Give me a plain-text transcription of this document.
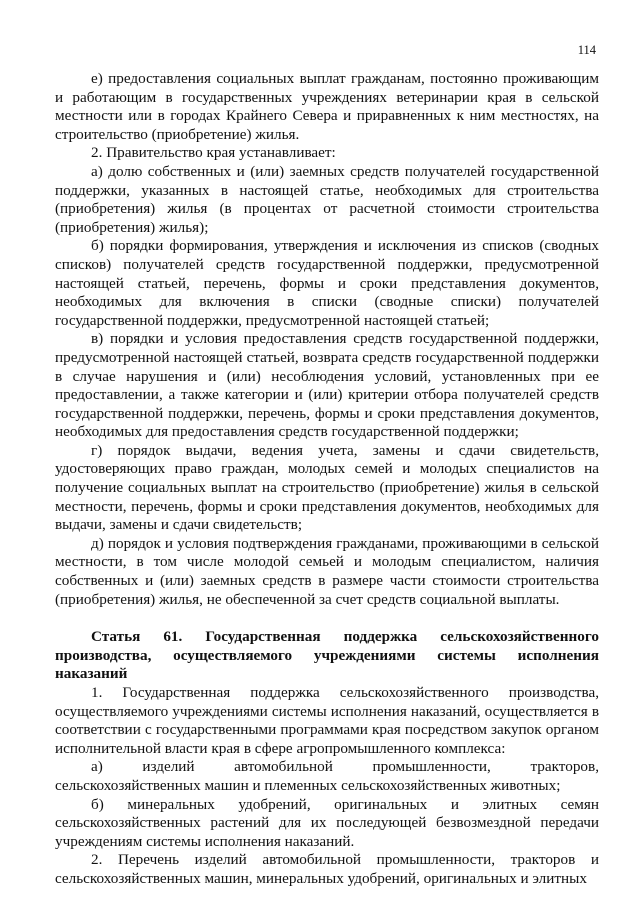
114

е) предоставления социальных выплат гражданам, постоянно проживающим и работающим в государственных учреждениях ветеринарии края в сельской местности или в городах Крайнего Севера и приравненных к ним местностях, на строительство (приобретение) жилья.

2. Правительство края устанавливает:

а) долю собственных и (или) заемных средств получателей государственной поддержки, указанных в настоящей статье, необходимых для строительства (приобретения) жилья (в процентах от расчетной стоимости строительства (приобретения) жилья);

б) порядки формирования, утверждения и исключения из списков (сводных списков) получателей средств государственной поддержки, предусмотренной настоящей статьей, перечень, формы и сроки представления документов, необходимых для включения в списки (сводные списки) получателей государственной поддержки, предусмотренной настоящей статьей;

в) порядки и условия предоставления средств государственной поддержки, предусмотренной настоящей статьей, возврата средств государственной поддержки в случае нарушения и (или) несоблюдения условий, установленных при ее предоставлении, а также категории и (или) критерии отбора получателей средств государственной поддержки, перечень, формы и сроки представления документов, необходимых для предоставления средств государственной поддержки;

г) порядок выдачи, ведения учета, замены и сдачи свидетельств, удостоверяющих право граждан, молодых семей и молодых специалистов на получение социальных выплат на строительство (приобретение) жилья в сельской местности, перечень, формы и сроки представления документов, необходимых для выдачи, замены и сдачи свидетельств;

д) порядок и условия подтверждения гражданами, проживающими в сельской местности, в том числе молодой семьей и молодым специалистом, наличия собственных и (или) заемных средств в размере части стоимости строительства (приобретения) жилья, не обеспеченной за счет средств социальной выплаты.

Статья 61. Государственная поддержка сельскохозяйственного производства, осуществляемого учреждениями системы исполнения наказаний

1. Государственная поддержка сельскохозяйственного производства, осуществляемого учреждениями системы исполнения наказаний, осуществляется в соответствии с государственными программами края посредством закупок органом исполнительной власти края в сфере агропромышленного комплекса:

а) изделий автомобильной промышленности, тракторов, сельскохозяйственных машин и племенных сельскохозяйственных животных;

б) минеральных удобрений, оригинальных и элитных семян сельскохозяйственных растений для их последующей безвозмездной передачи учреждениям системы исполнения наказаний.

2. Перечень изделий автомобильной промышленности, тракторов и сельскохозяйственных машин, минеральных удобрений, оригинальных и элитных
